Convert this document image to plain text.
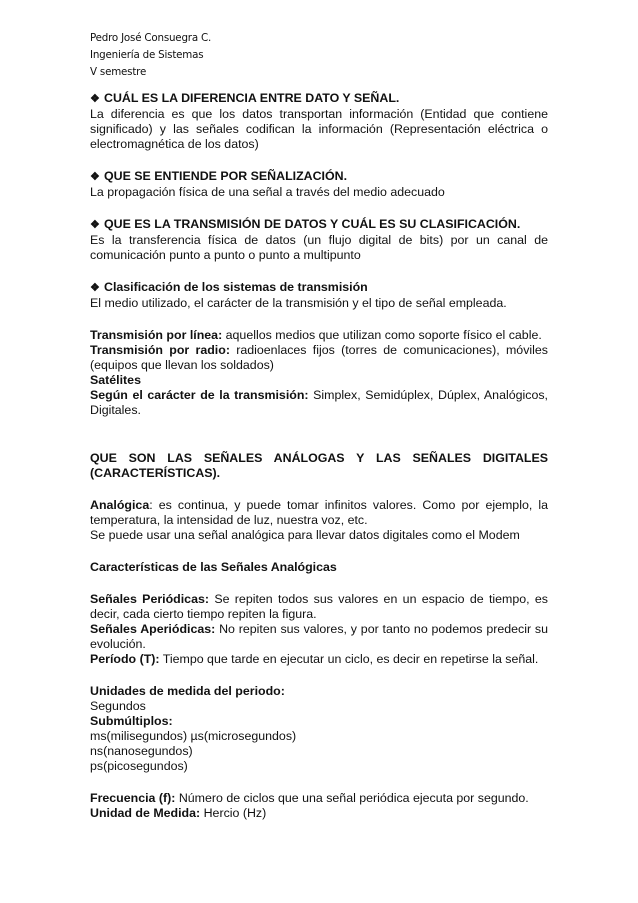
Pedro José Consuegra C.
Ingeniería de Sistemas
V semestre

❖ CUÁL ES LA DIFERENCIA ENTRE DATO Y SEÑAL.

La diferencia es que los datos transportan información (Entidad que contiene significado) y las señales codifican la información (Representación eléctrica o electromagnética de los datos)

❖ QUE SE ENTIENDE POR SEÑALIZACIÓN.

La propagación física de una señal a través del medio adecuado

❖ QUE ES LA TRANSMISIÓN DE DATOS Y CUÁL ES SU CLASIFICACIÓN.

Es la transferencia física de datos (un flujo digital de bits) por un canal de comunicación punto a punto o punto a multipunto

❖ Clasificación de los sistemas de transmisión

El medio utilizado, el carácter de la transmisión y el tipo de señal empleada.

Transmisión por línea: aquellos medios que utilizan como soporte físico el cable.

Transmisión por radio: radioenlaces fijos (torres de comunicaciones), móviles (equipos que llevan los soldados)

Satélites

Según el carácter de la transmisión: Simplex, Semidúplex, Dúplex, Analógicos, Digitales.

QUE SON LAS SEÑALES ANÁLOGAS Y LAS SEÑALES DIGITALES (CARACTERÍSTICAS).

Analógica: es continua, y puede tomar infinitos valores. Como por ejemplo, la temperatura, la intensidad de luz, nuestra voz, etc.

Se puede usar una señal analógica para llevar datos digitales como el Modem

Características de las Señales Analógicas

Señales Periódicas: Se repiten todos sus valores en un espacio de tiempo, es decir, cada cierto tiempo repiten la figura.

Señales Aperiódicas: No repiten sus valores, y por tanto no podemos predecir su evolución.

Período (T): Tiempo que tarde en ejecutar un ciclo, es decir en repetirse la señal.

Unidades de medida del periodo:

Segundos

Submúltiplos:

ms(milisegundos) µs(microsegundos)

ns(nanosegundos)

ps(picosegundos)

Frecuencia (f): Número de ciclos que una señal periódica ejecuta por segundo.

Unidad de Medida: Hercio (Hz)
